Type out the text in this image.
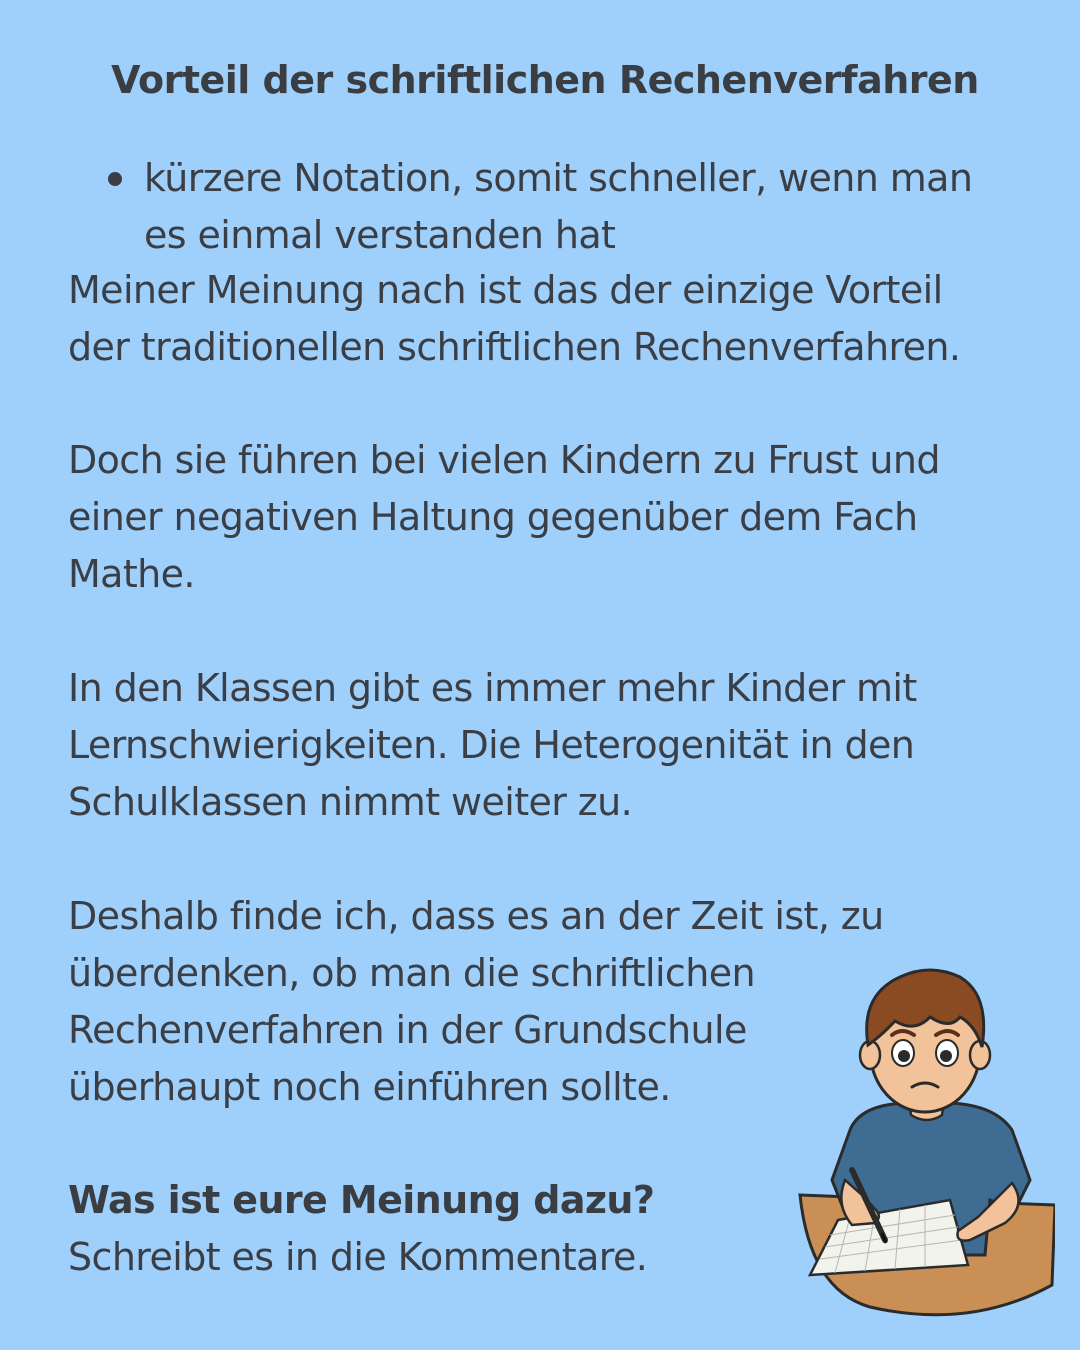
Vorteil der schriftlichen Rechenverfahren
kürzere Notation, somit schneller, wenn man es einmal verstanden hat

Meiner Meinung nach ist das der einzige Vorteil der traditionellen schriftlichen Rechenverfahren.

Doch sie führen bei vielen Kindern zu Frust und einer negativen Haltung gegenüber dem Fach Mathe.

In den Klassen gibt es immer mehr Kinder mit Lernschwierigkeiten. Die Heterogenität in den Schulklassen nimmt weiter zu.

Deshalb finde ich, dass es an der Zeit ist, zu überdenken, ob man die schriftlichen Rechenverfahren in der Grundschule überhaupt noch einführen sollte.

Was ist eure Meinung dazu?
Schreibt es in die Kommentare.
